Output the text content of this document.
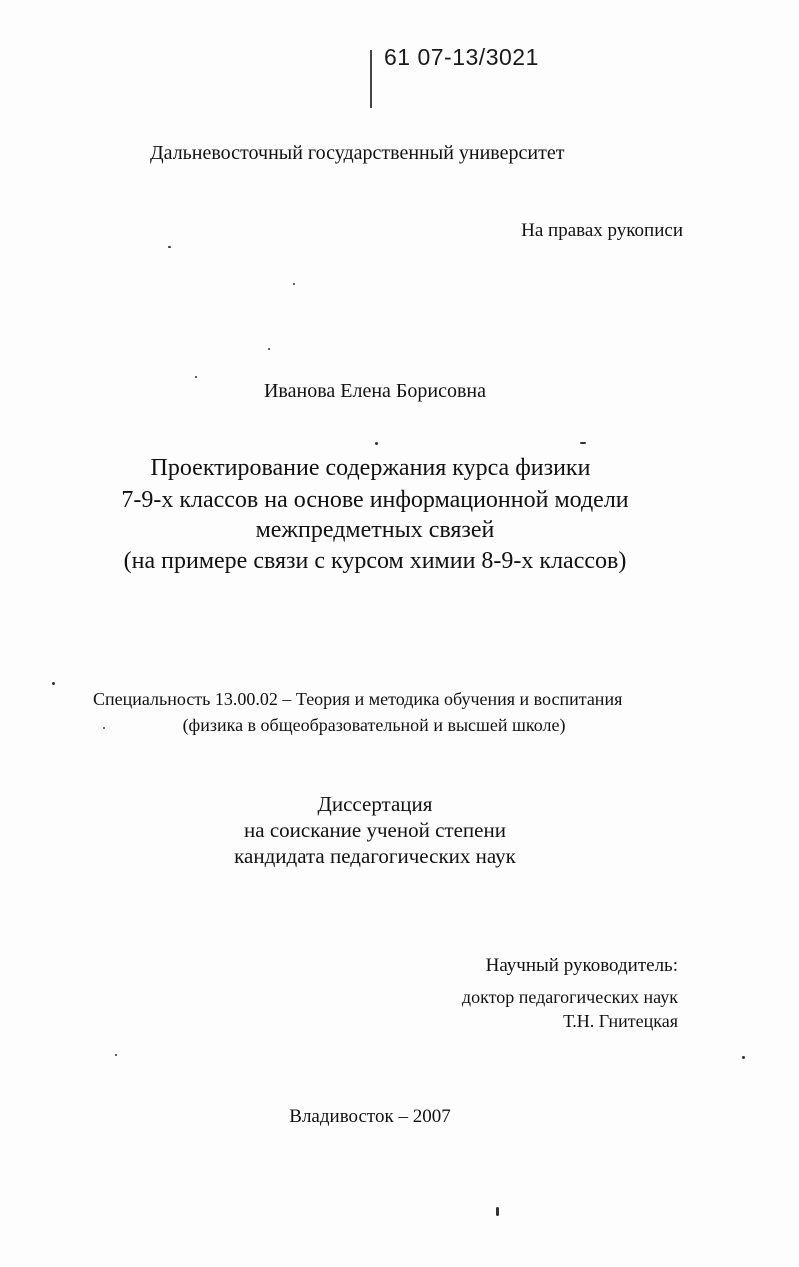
61 07-13/3021
Дальневосточный государственный университет
На правах рукописи
Иванова Елена Борисовна
Проектирование содержания курса физики
7-9-х классов на основе информационной модели
межпредметных связей
(на примере связи с курсом химии 8-9-х классов)
Специальность 13.00.02 – Теория и методика обучения и воспитания
(физика в общеобразовательной и высшей школе)
Диссертация
на соискание ученой степени
кандидата педагогических наук
Научный руководитель:
доктор педагогических наук
Т.Н. Гнитецкая
Владивосток – 2007
